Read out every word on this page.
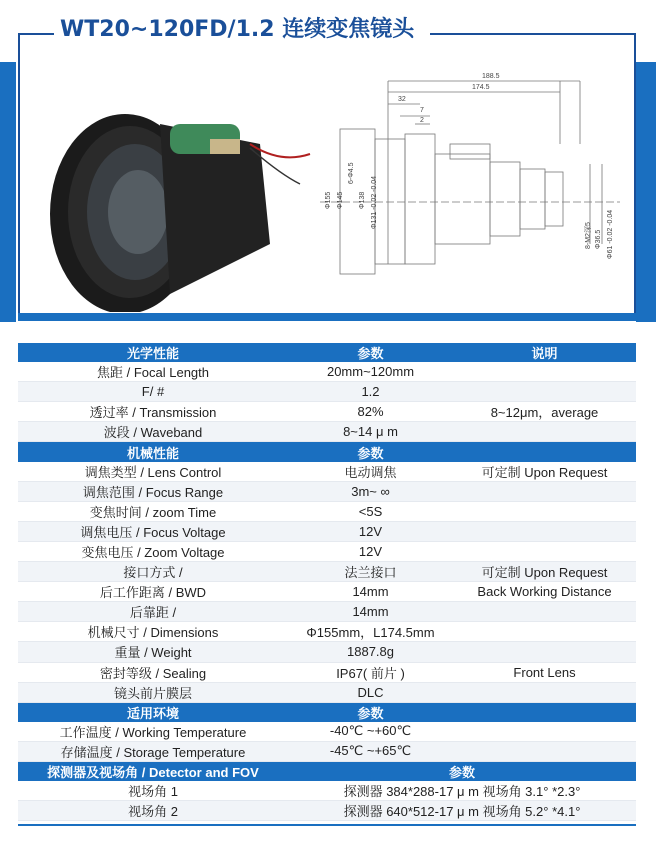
WT20~120FD/1.2 连续变焦镜头
188.5
174.5
32
7
2
Φ155 Φ145 Φ138 Φ131 -0.02 -0.04
6-Φ4.5
8-M2深5 Φ36.5 Φ61 -0.02 -0.04
光学性能	参数	说明
焦距 / Focal Length	20mm~120mm	
F/ #	1.2	
透过率 / Transmission	82%	8~12μm，average
波段 / Waveband	8~14 μ m	
机械性能	参数	
调焦类型 / Lens Control	电动调焦	可定制 Upon Request
调焦范围 / Focus Range	3m~ ∞	
变焦时间 / zoom Time	<5S	
调焦电压 / Focus Voltage	12V	
变焦电压 / Zoom Voltage	12V	
接口方式 /	法兰接口	可定制 Upon Request
后工作距离 / BWD	14mm	Back Working Distance
后靠距 /	14mm	
机械尺寸 / Dimensions	Φ155mm，L174.5mm	
重量 / Weight	1887.8g	
密封等级 / Sealing	IP67( 前片 )	Front Lens
镜头前片膜层	DLC	
适用环境	参数	
工作温度 / Working Temperature	-40℃ ~+60℃	
存储温度 / Storage Temperature	-45℃ ~+65℃	
探测器及视场角 / Detector and FOV	参数	
视场角 1	探测器 384*288-17 μ m 视场角 3.1° *2.3°	
视场角 2	探测器 640*512-17 μ m 视场角 5.2° *4.1°	
